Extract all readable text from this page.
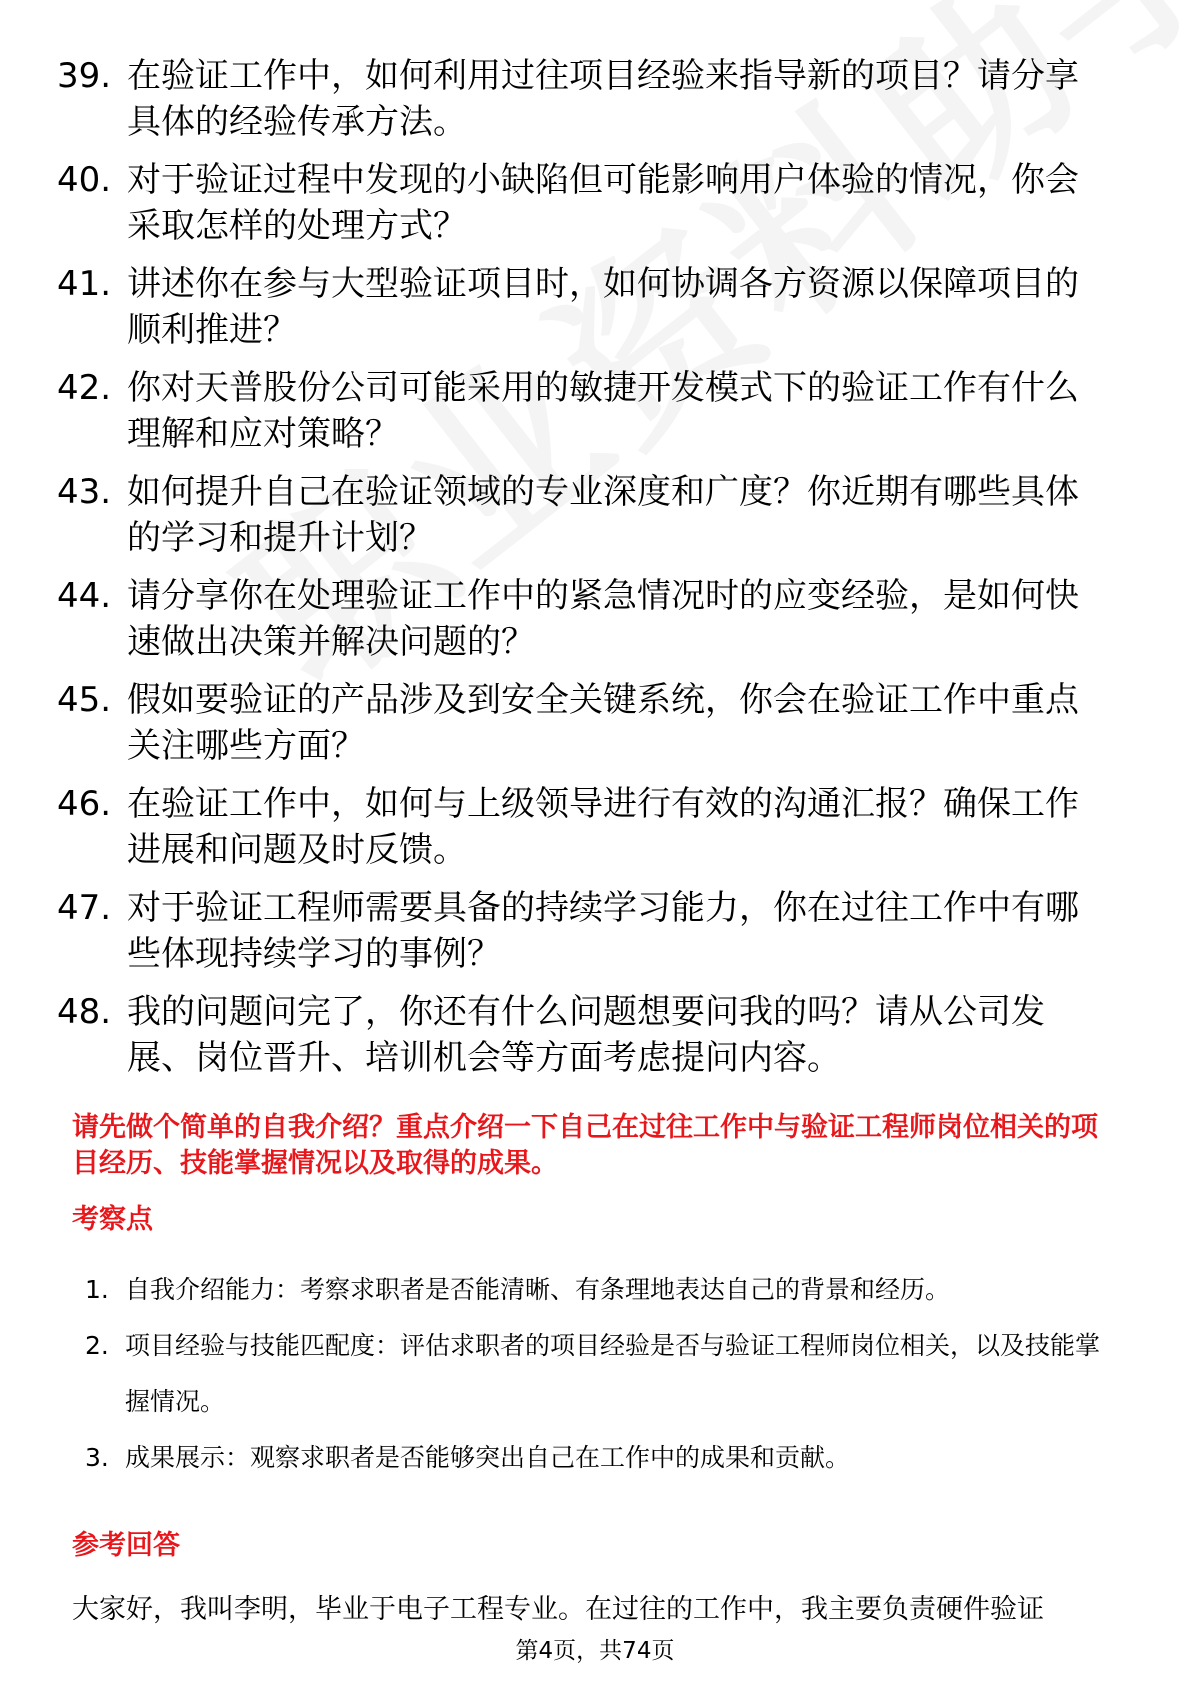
39. 在验证工作中，如何利用过往项目经验来指导新的项目？请分享具体的经验传承方法。
40. 对于验证过程中发现的小缺陷但可能影响用户体验的情况，你会采取怎样的处理方式？
41. 讲述你在参与大型验证项目时，如何协调各方资源以保障项目的顺利推进？
42. 你对天普股份公司可能采用的敏捷开发模式下的验证工作有什么理解和应对策略？
43. 如何提升自己在验证领域的专业深度和广度？你近期有哪些具体的学习和提升计划？
44. 请分享你在处理验证工作中的紧急情况时的应变经验，是如何快速做出决策并解决问题的？
45. 假如要验证的产品涉及到安全关键系统，你会在验证工作中重点关注哪些方面？
46. 在验证工作中，如何与上级领导进行有效的沟通汇报？确保工作进展和问题及时反馈。
47. 对于验证工程师需要具备的持续学习能力，你在过往工作中有哪些体现持续学习的事例？
48. 我的问题问完了，你还有什么问题想要问我的吗？请从公司发展、岗位晋升、培训机会等方面考虑提问内容。
请先做个简单的自我介绍？重点介绍一下自己在过往工作中与验证工程师岗位相关的项目经历、技能掌握情况以及取得的成果。
考察点
1. 自我介绍能力：考察求职者是否能清晰、有条理地表达自己的背景和经历。
2. 项目经验与技能匹配度：评估求职者的项目经验是否与验证工程师岗位相关，以及技能掌握情况。
3. 成果展示：观察求职者是否能够突出自己在工作中的成果和贡献。
参考回答
大家好，我叫李明，毕业于电子工程专业。在过往的工作中，我主要负责硬件验证
第4页，共74页
